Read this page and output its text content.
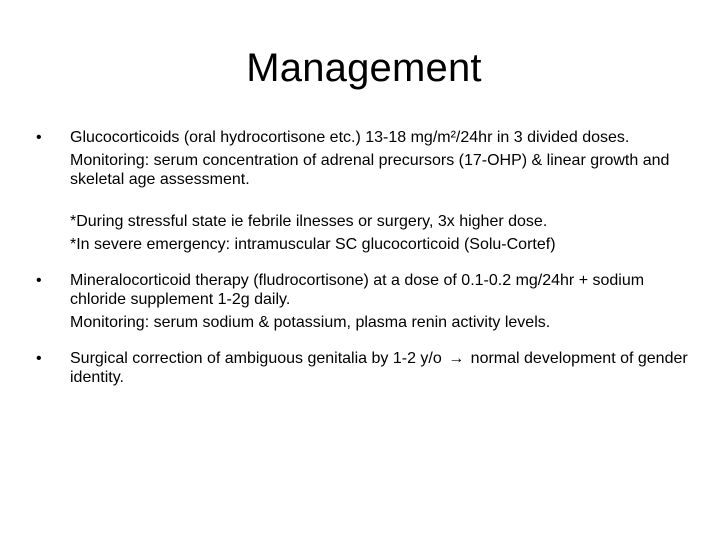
Management
•	Glucocorticoids (oral hydrocortisone etc.) 13-18 mg/m²/24hr in 3 divided doses.

Monitoring: serum concentration of adrenal precursors (17-OHP) & linear growth and skeletal age assessment.

*During stressful state ie febrile ilnesses or surgery, 3x higher dose.

*In severe emergency: intramuscular SC glucocorticoid (Solu-Cortef)

•	Mineralocorticoid therapy (fludrocortisone) at a dose of 0.1-0.2 mg/24hr + sodium chloride supplement 1-2g daily.

Monitoring: serum sodium & potassium, plasma renin activity levels.

•	Surgical correction of ambiguous genitalia by 1-2 y/o → normal development of gender identity.
